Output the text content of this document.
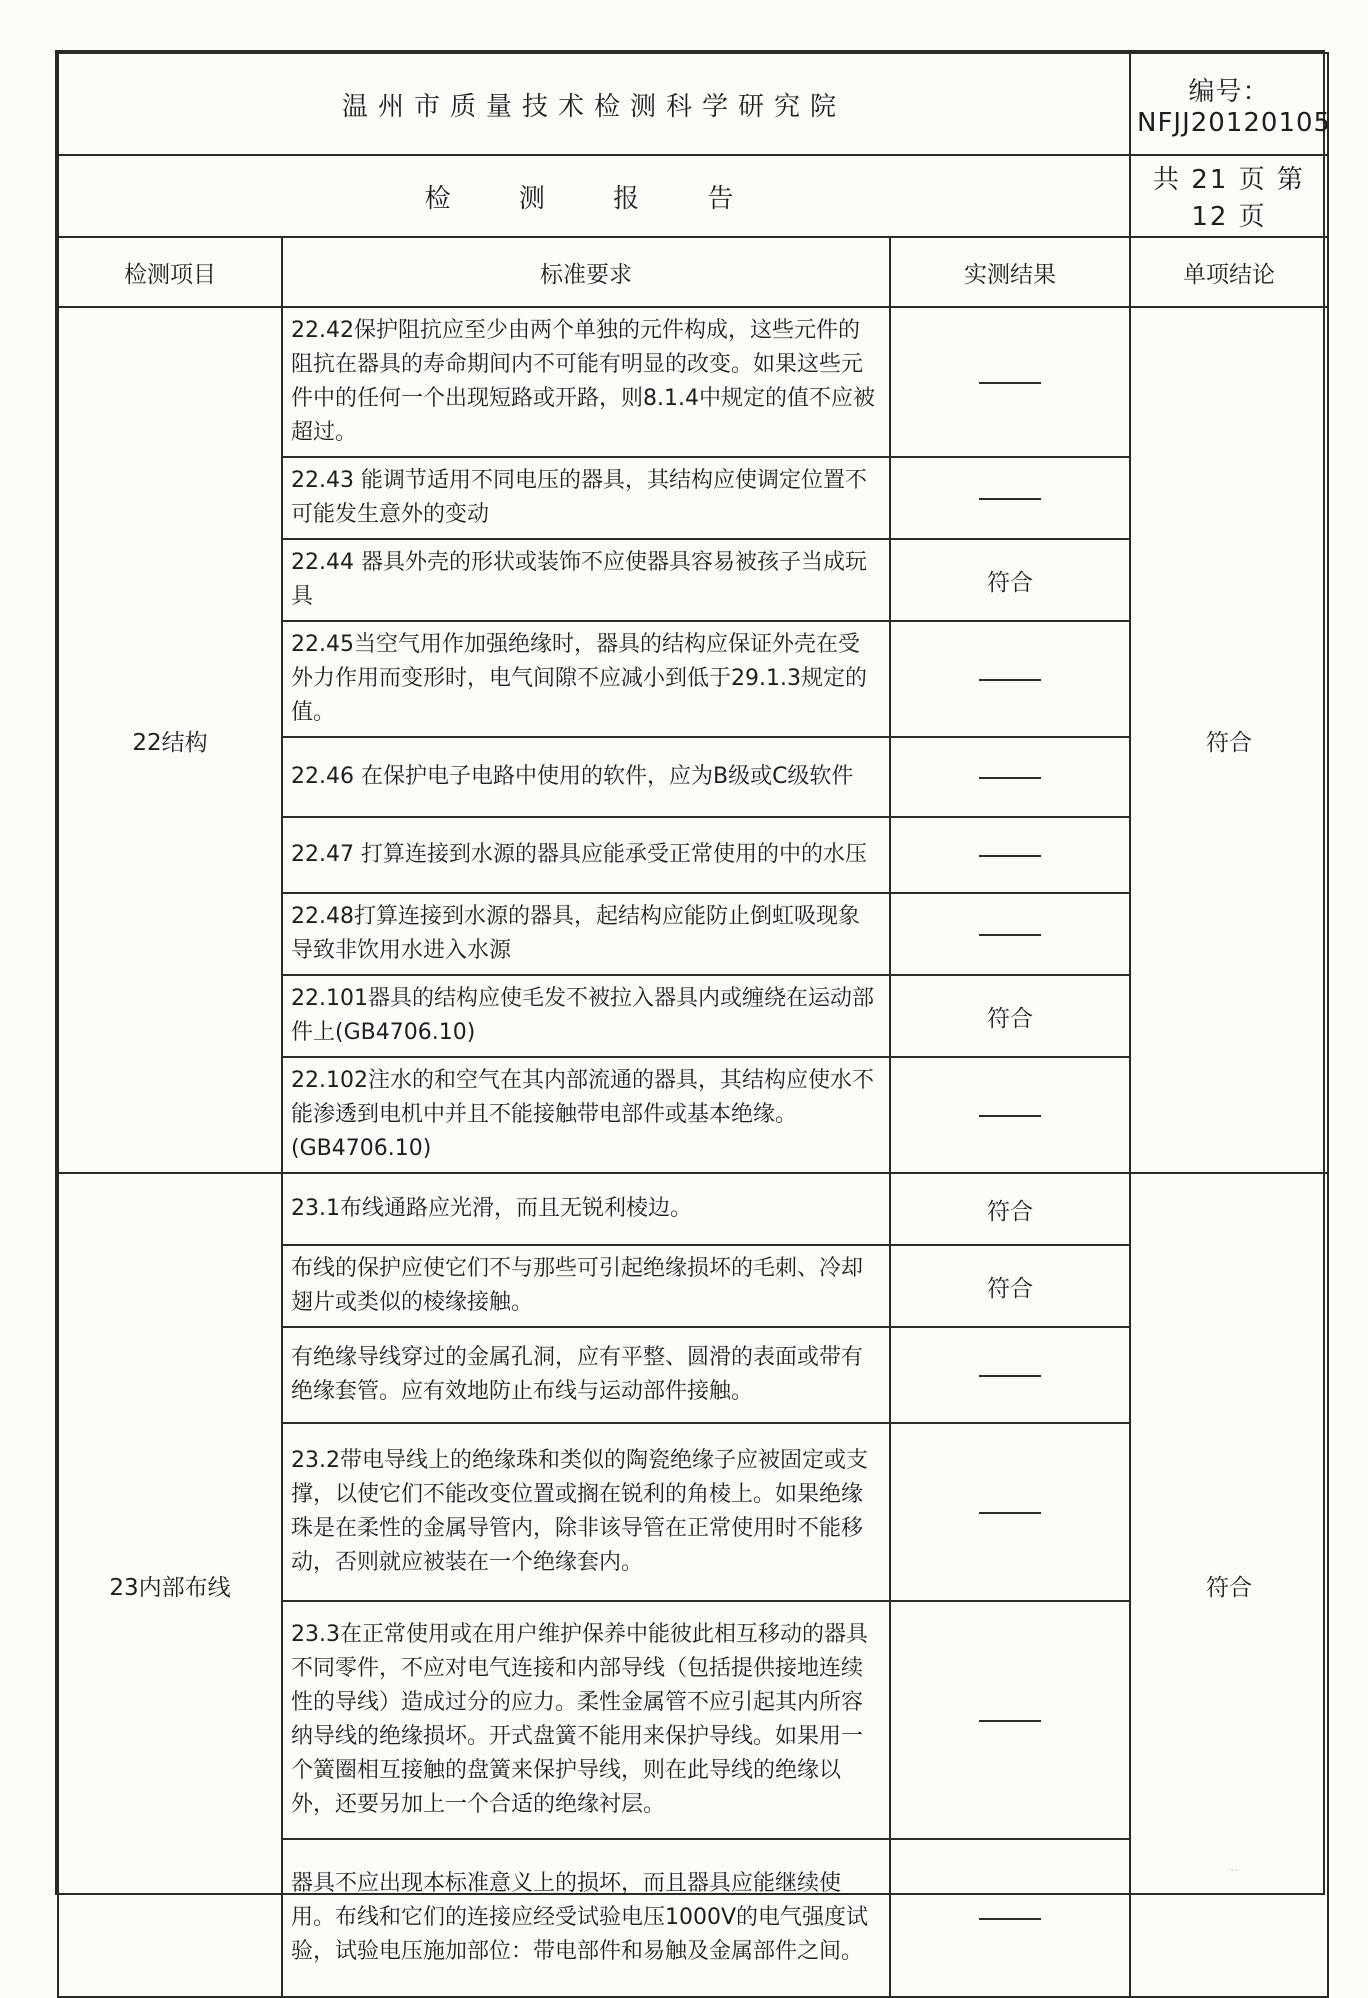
温州市质量技术检测科学研究院			编号：NFJJ20120105
检 测 报 告			共 21 页 第 12 页
检测项目	标准要求	实测结果	单项结论
22结构	22.42保护阻抗应至少由两个单独的元件构成，这些元件的阻抗在器具的寿命期间内不可能有明显的改变。如果这些元件中的任何一个出现短路或开路，则8.1.4中规定的值不应被超过。		符合
	22.43 能调节适用不同电压的器具，其结构应使调定位置不可能发生意外的变动		
	22.44 器具外壳的形状或装饰不应使器具容易被孩子当成玩具	符合	
	22.45当空气用作加强绝缘时，器具的结构应保证外壳在受外力作用而变形时，电气间隙不应减小到低于29.1.3规定的值。		
	22.46 在保护电子电路中使用的软件，应为B级或C级软件		
	22.47 打算连接到水源的器具应能承受正常使用的中的水压		
	22.48打算连接到水源的器具，起结构应能防止倒虹吸现象导致非饮用水进入水源		
	22.101器具的结构应使毛发不被拉入器具内或缠绕在运动部件上(GB4706.10)	符合	
	22.102注水的和空气在其内部流通的器具，其结构应使水不能渗透到电机中并且不能接触带电部件或基本绝缘。(GB4706.10)		
23内部布线	23.1布线通路应光滑，而且无锐利棱边。	符合	符合
	布线的保护应使它们不与那些可引起绝缘损坏的毛刺、冷却翅片或类似的棱缘接触。	符合	
	有绝缘导线穿过的金属孔洞，应有平整、圆滑的表面或带有绝缘套管。应有效地防止布线与运动部件接触。		
	23.2带电导线上的绝缘珠和类似的陶瓷绝缘子应被固定或支撑，以使它们不能改变位置或搁在锐利的角棱上。如果绝缘珠是在柔性的金属导管内，除非该导管在正常使用时不能移动，否则就应被装在一个绝缘套内。		
	23.3在正常使用或在用户维护保养中能彼此相互移动的器具不同零件，不应对电气连接和内部导线（包括提供接地连续性的导线）造成过分的应力。柔性金属管不应引起其内所容纳导线的绝缘损坏。开式盘簧不能用来保护导线。如果用一个簧圈相互接触的盘簧来保护导线，则在此导线的绝缘以外，还要另加上一个合适的绝缘衬层。		
	器具不应出现本标准意义上的损坏，而且器具应能继续使用。布线和它们的连接应经受试验电压1000V的电气强度试验，试验电压施加部位：带电部件和易触及金属部件之间。		
‥
